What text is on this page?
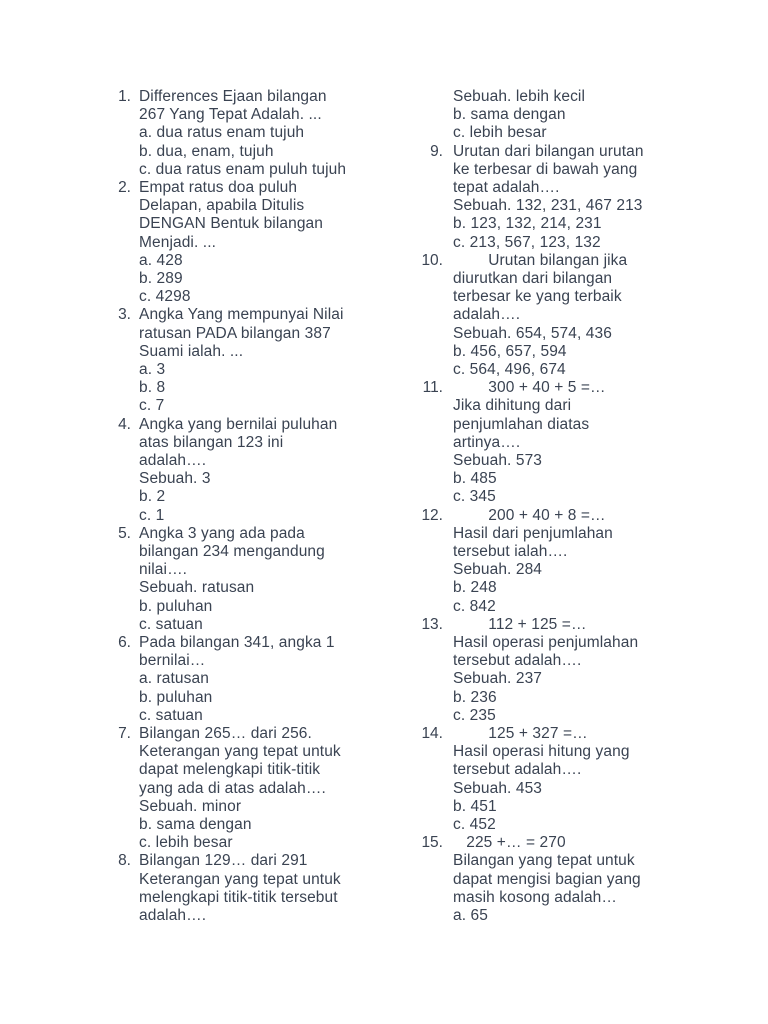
1. Differences Ejaan bilangan
267 Yang Tepat Adalah. ...
a. dua ratus enam tujuh
b. dua, enam, tujuh
c. dua ratus enam puluh tujuh
2. Empat ratus doa puluh
Delapan, apabila Ditulis
DENGAN Bentuk bilangan
Menjadi. ...
a. 428
b. 289
c. 4298
3. Angka Yang mempunyai Nilai
ratusan PADA bilangan 387
Suami ialah. ...
a. 3
b. 8
c. 7
4. Angka yang bernilai puluhan
atas bilangan 123 ini
adalah….
Sebuah. 3
b. 2
c. 1
5. Angka 3 yang ada pada
bilangan 234 mengandung
nilai….
Sebuah. ratusan
b. puluhan
c. satuan
6. Pada bilangan 341, angka 1
bernilai…
a. ratusan
b. puluhan
c. satuan
7. Bilangan 265… dari 256.
Keterangan yang tepat untuk
dapat melengkapi titik-titik
yang ada di atas adalah….
Sebuah. minor
b. sama dengan
c. lebih besar
8. Bilangan 129… dari 291
Keterangan yang tepat untuk
melengkapi titik-titik tersebut
adalah….
Sebuah. lebih kecil
b. sama dengan
c. lebih besar
9. Urutan dari bilangan urutan
ke terbesar di bawah yang
tepat adalah….
Sebuah. 132, 231, 467 213
b. 123, 132, 214, 231
c. 213, 567, 123, 132
10. Urutan bilangan jika
diurutkan dari bilangan
terbesar ke yang terbaik
adalah….
Sebuah. 654, 574, 436
b. 456, 657, 594
c. 564, 496, 674
11. 300 + 40 + 5 =…
Jika dihitung dari
penjumlahan diatas
artinya….
Sebuah. 573
b. 485
c. 345
12. 200 + 40 + 8 =…
Hasil dari penjumlahan
tersebut ialah….
Sebuah. 284
b. 248
c. 842
13. 112 + 125 =…
Hasil operasi penjumlahan
tersebut adalah….
Sebuah. 237
b. 236
c. 235
14. 125 + 327 =…
Hasil operasi hitung yang
tersebut adalah….
Sebuah. 453
b. 451
c. 452
15. 225 +… = 270
Bilangan yang tepat untuk
dapat mengisi bagian yang
masih kosong adalah…
a. 65
